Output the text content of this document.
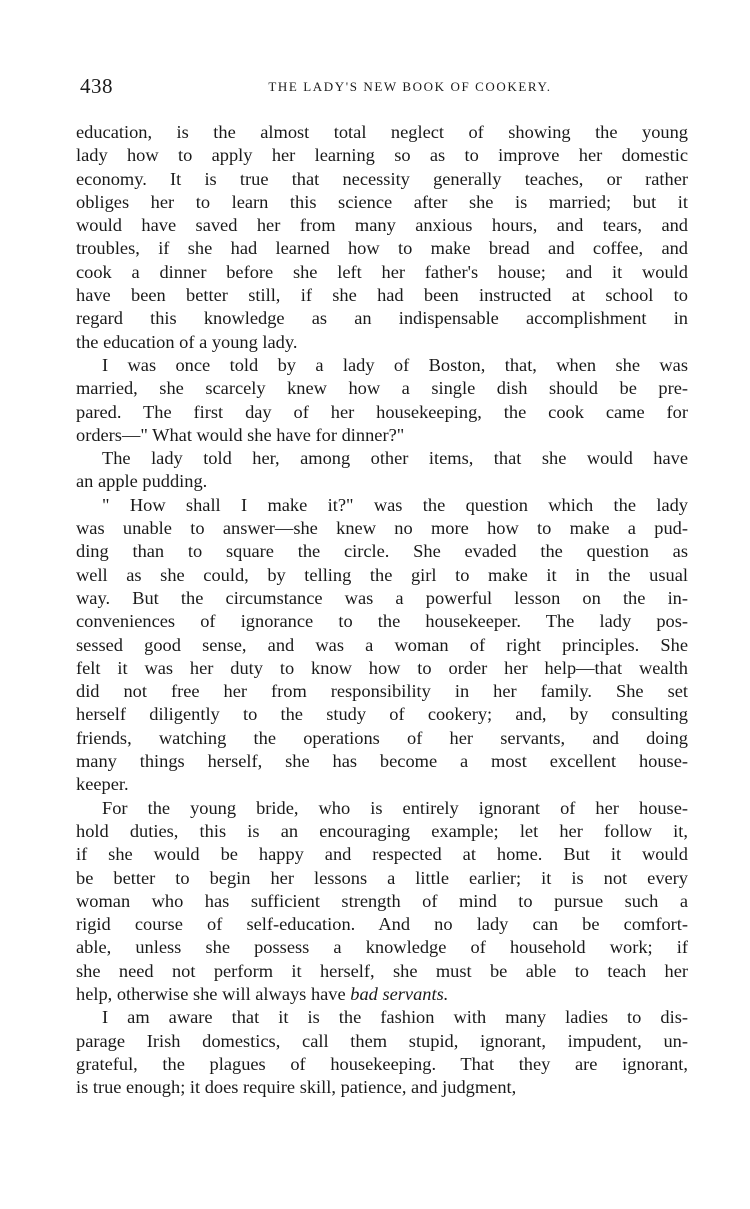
438	THE LADY'S NEW BOOK OF COOKERY.
education, is the almost total neglect of showing the young
lady how to apply her learning so as to improve her domestic
economy. It is true that necessity generally teaches, or rather
obliges her to learn this science after she is married; but it
would have saved her from many anxious hours, and tears, and
troubles, if she had learned how to make bread and coffee, and
cook a dinner before she left her father's house; and it would
have been better still, if she had been instructed at school to
regard this knowledge as an indispensable accomplishment in
the education of a young lady.
I was once told by a lady of Boston, that, when she was
married, she scarcely knew how a single dish should be pre-
pared. The first day of her housekeeping, the cook came for
orders—" What would she have for dinner?"
The lady told her, among other items, that she would have
an apple pudding.
" How shall I make it?" was the question which the lady
was unable to answer—she knew no more how to make a pud-
ding than to square the circle. She evaded the question as
well as she could, by telling the girl to make it in the usual
way. But the circumstance was a powerful lesson on the in-
conveniences of ignorance to the housekeeper. The lady pos-
sessed good sense, and was a woman of right principles. She
felt it was her duty to know how to order her help—that wealth
did not free her from responsibility in her family. She set
herself diligently to the study of cookery; and, by consulting
friends, watching the operations of her servants, and doing
many things herself, she has become a most excellent house-
keeper.
For the young bride, who is entirely ignorant of her house-
hold duties, this is an encouraging example; let her follow it,
if she would be happy and respected at home. But it would
be better to begin her lessons a little earlier; it is not every
woman who has sufficient strength of mind to pursue such a
rigid course of self-education. And no lady can be comfort-
able, unless she possess a knowledge of household work; if
she need not perform it herself, she must be able to teach her
help, otherwise she will always have bad servants.
I am aware that it is the fashion with many ladies to dis-
parage Irish domestics, call them stupid, ignorant, impudent, un-
grateful, the plagues of housekeeping. That they are ignorant,
is true enough; it does require skill, patience, and judgment,
